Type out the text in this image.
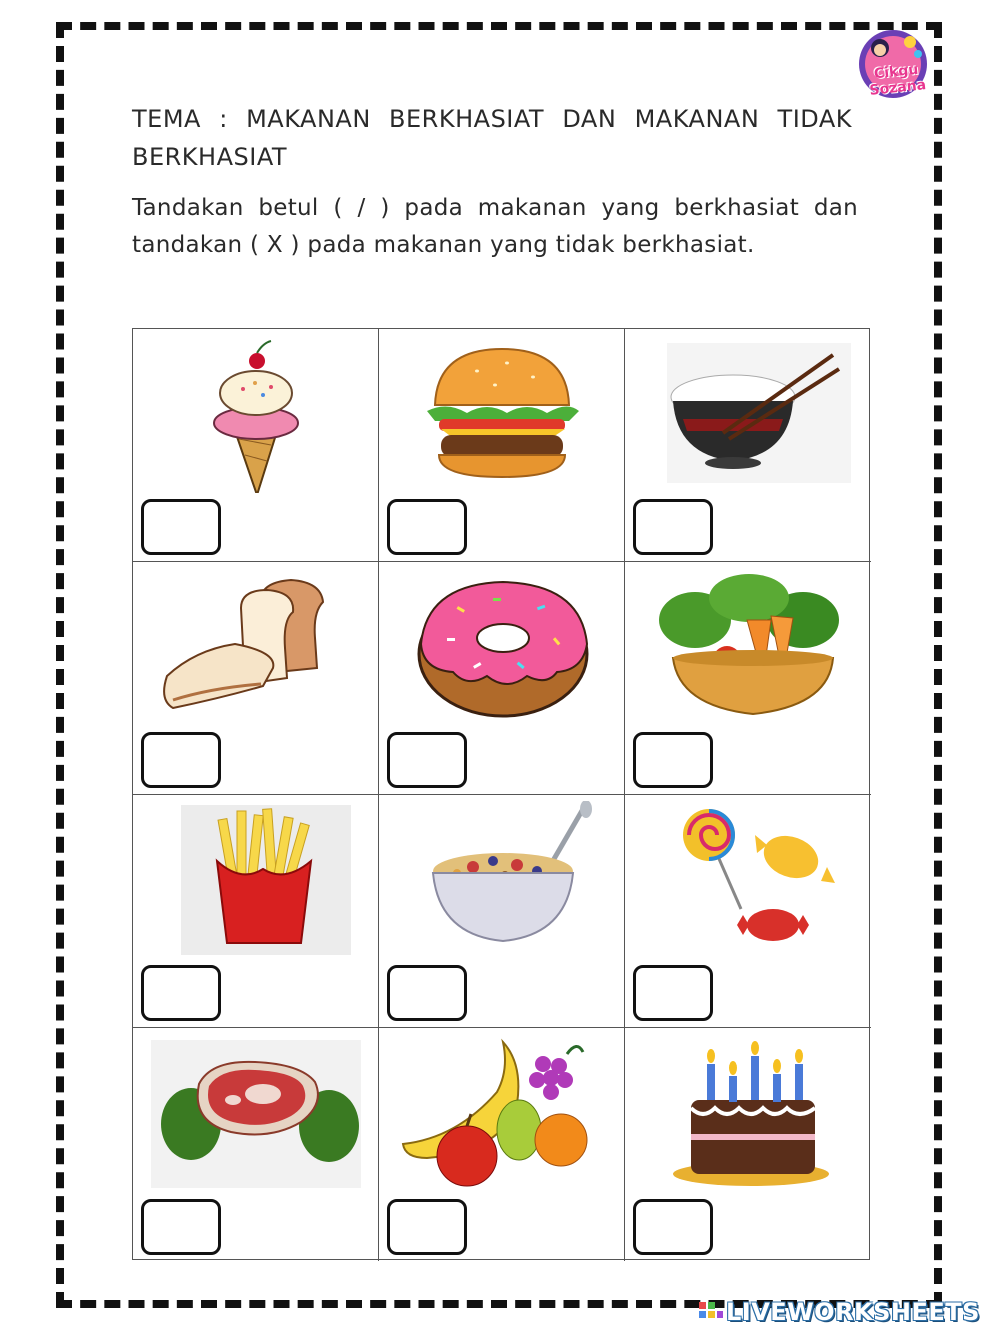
Cikgu Sozana
TEMA : MAKANAN BERKHASIAT DAN MAKANAN TIDAK BERKHASIAT
Tandakan betul ( / ) pada makanan yang berkhasiat dan tandakan ( X ) pada makanan yang tidak berkhasiat.
LIVEWORKSHEETS
